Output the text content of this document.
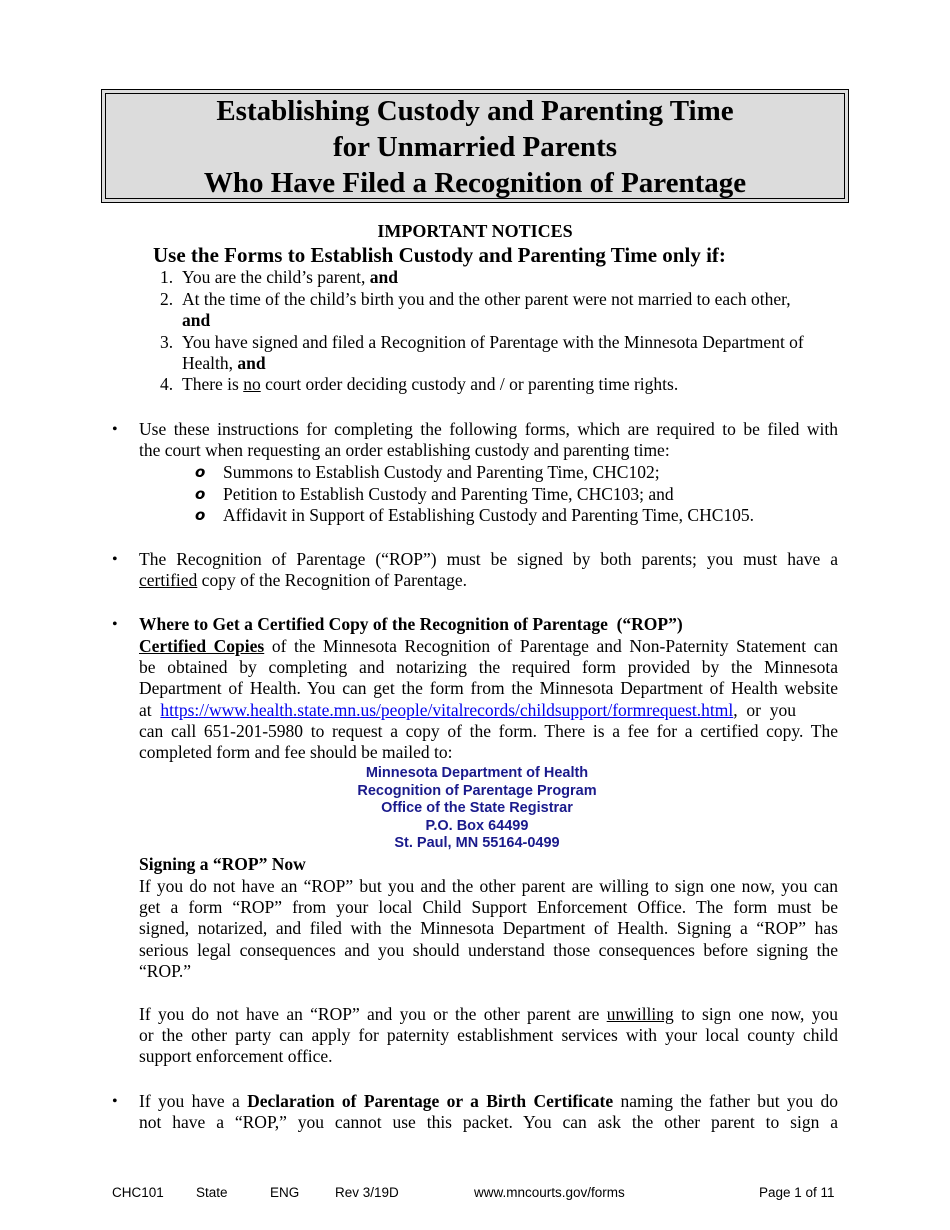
Establishing Custody and Parenting Time
for Unmarried Parents
Who Have Filed a Recognition of Parentage
IMPORTANT NOTICES
Use the Forms to Establish Custody and Parenting Time only if:
1. You are the child’s parent, and
2. At the time of the child’s birth you and the other parent were not married to each other,
and
3. You have signed and filed a Recognition of Parentage with the Minnesota Department of
Health, and
4. There is no court order deciding custody and / or parenting time rights.
• Use these instructions for completing the following forms, which are required to be filed with
the court when requesting an order establishing custody and parenting time:
o Summons to Establish Custody and Parenting Time, CHC102;
o Petition to Establish Custody and Parenting Time, CHC103; and
o Affidavit in Support of Establishing Custody and Parenting Time, CHC105.
• The Recognition of Parentage (“ROP”) must be signed by both parents; you must have a
certified copy of the Recognition of Parentage.
• Where to Get a Certified Copy of the Recognition of Parentage  (“ROP”)
Certified Copies of the Minnesota Recognition of Parentage and Non-Paternity Statement can
be obtained by completing and notarizing the required form provided by the Minnesota
Department of Health. You can get the form from the Minnesota Department of Health website
at  https://www.health.state.mn.us/people/vitalrecords/childsupport/formrequest.html,  or  you
can call 651-201-5980 to request a copy of the form. There is a fee for a certified copy. The
completed form and fee should be mailed to:
Minnesota Department of Health
Recognition of Parentage Program
Office of the State Registrar
P.O. Box 64499
St. Paul, MN 55164-0499
Signing a “ROP” Now
If you do not have an “ROP” but you and the other parent are willing to sign one now, you can
get a form “ROP” from your local Child Support Enforcement Office. The form must be
signed, notarized, and filed with the Minnesota Department of Health. Signing a “ROP” has
serious legal consequences and you should understand those consequences before signing the
“ROP.”
If you do not have an “ROP” and you or the other parent are unwilling to sign one now, you
or the other party can apply for paternity establishment services with your local county child
support enforcement office.
• If you have a Declaration of Parentage or a Birth Certificate naming the father but you do
not have a “ROP,” you cannot use this packet. You can ask the other parent to sign a
CHC101 State	ENG	Rev 3/19D	www.mncourts.gov/forms	Page 1 of 11
